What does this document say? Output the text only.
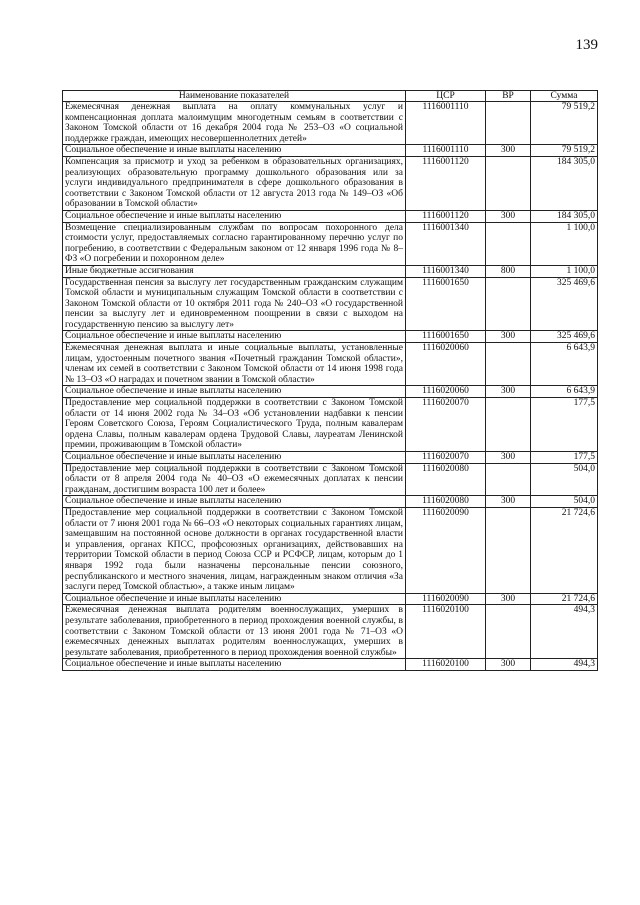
139
Наименование показателей	ЦСР	ВР	Сумма
Ежемесячная денежная выплата на оплату коммунальных услуг и компенсационная доплата малоимущим многодетным семьям в соответствии с Законом Томской области от 16 декабря 2004 года № 253–ОЗ «О социальной поддержке граждан, имеющих несовершеннолетних детей»	1116001110		79 519,2
Социальное обеспечение и иные выплаты населению	1116001110	300	79 519,2
Компенсация за присмотр и уход за ребенком в образовательных организациях, реализующих образовательную программу дошкольного образования или за услуги индивидуального предпринимателя в сфере дошкольного образования в соответствии с Законом Томской области от 12 августа 2013 года № 149–ОЗ «Об образовании в Томской области»	1116001120		184 305,0
Социальное обеспечение и иные выплаты населению	1116001120	300	184 305,0
Возмещение специализированным службам по вопросам похоронного дела стоимости услуг, предоставляемых согласно гарантированному перечню услуг по погребению, в соответствии с Федеральным законом от 12 января 1996 года № 8–ФЗ «О погребении и похоронном деле»	1116001340		1 100,0
Иные бюджетные ассигнования	1116001340	800	1 100,0
Государственная пенсия за выслугу лет государственным гражданским служащим Томской области и муниципальным служащим Томской области в соответствии с Законом Томской области от 10 октября 2011 года № 240–ОЗ «О государственной пенсии за выслугу лет и единовременном поощрении в связи с выходом на государственную пенсию за выслугу лет»	1116001650		325 469,6
Социальное обеспечение и иные выплаты населению	1116001650	300	325 469,6
Ежемесячная денежная выплата и иные социальные выплаты, установленные лицам, удостоенным почетного звания «Почетный гражданин Томской области», членам их семей в соответствии с Законом Томской области от 14 июня 1998 года № 13–ОЗ «О наградах и почетном звании в Томской области»	1116020060		6 643,9
Социальное обеспечение и иные выплаты населению	1116020060	300	6 643,9
Предоставление мер социальной поддержки в соответствии с Законом Томской области от 14 июня 2002 года № 34–ОЗ «Об установлении надбавки к пенсии Героям Советского Союза, Героям Социалистического Труда, полным кавалерам ордена Славы, полным кавалерам ордена Трудовой Славы, лауреатам Ленинской премии, проживающим в Томской области»	1116020070		177,5
Социальное обеспечение и иные выплаты населению	1116020070	300	177,5
Предоставление мер социальной поддержки в соответствии с Законом Томской области от 8 апреля 2004 года № 40–ОЗ «О ежемесячных доплатах к пенсии гражданам, достигшим возраста 100 лет и более»	1116020080		504,0
Социальное обеспечение и иные выплаты населению	1116020080	300	504,0
Предоставление мер социальной поддержки в соответствии с Законом Томской области от 7 июня 2001 года № 66–ОЗ «О некоторых социальных гарантиях лицам, замещавшим на постоянной основе должности в органах государственной власти и управления, органах КПСС, профсоюзных организациях, действовавших на территории Томской области в период Союза ССР и РСФСР, лицам, которым до 1 января 1992 года были назначены персональные пенсии союзного, республиканского и местного значения, лицам, награжденным знаком отличия «За заслуги перед Томской областью», а также иным лицам»	1116020090		21 724,6
Социальное обеспечение и иные выплаты населению	1116020090	300	21 724,6
Ежемесячная денежная выплата родителям военнослужащих, умерших в результате заболевания, приобретенного в период прохождения военной службы, в соответствии с Законом Томской области от 13 июня 2001 года № 71–ОЗ «О ежемесячных денежных выплатах родителям военнослужащих, умерших в результате заболевания, приобретенного в период прохождения военной службы»	1116020100		494,3
Социальное обеспечение и иные выплаты населению	1116020100	300	494,3
